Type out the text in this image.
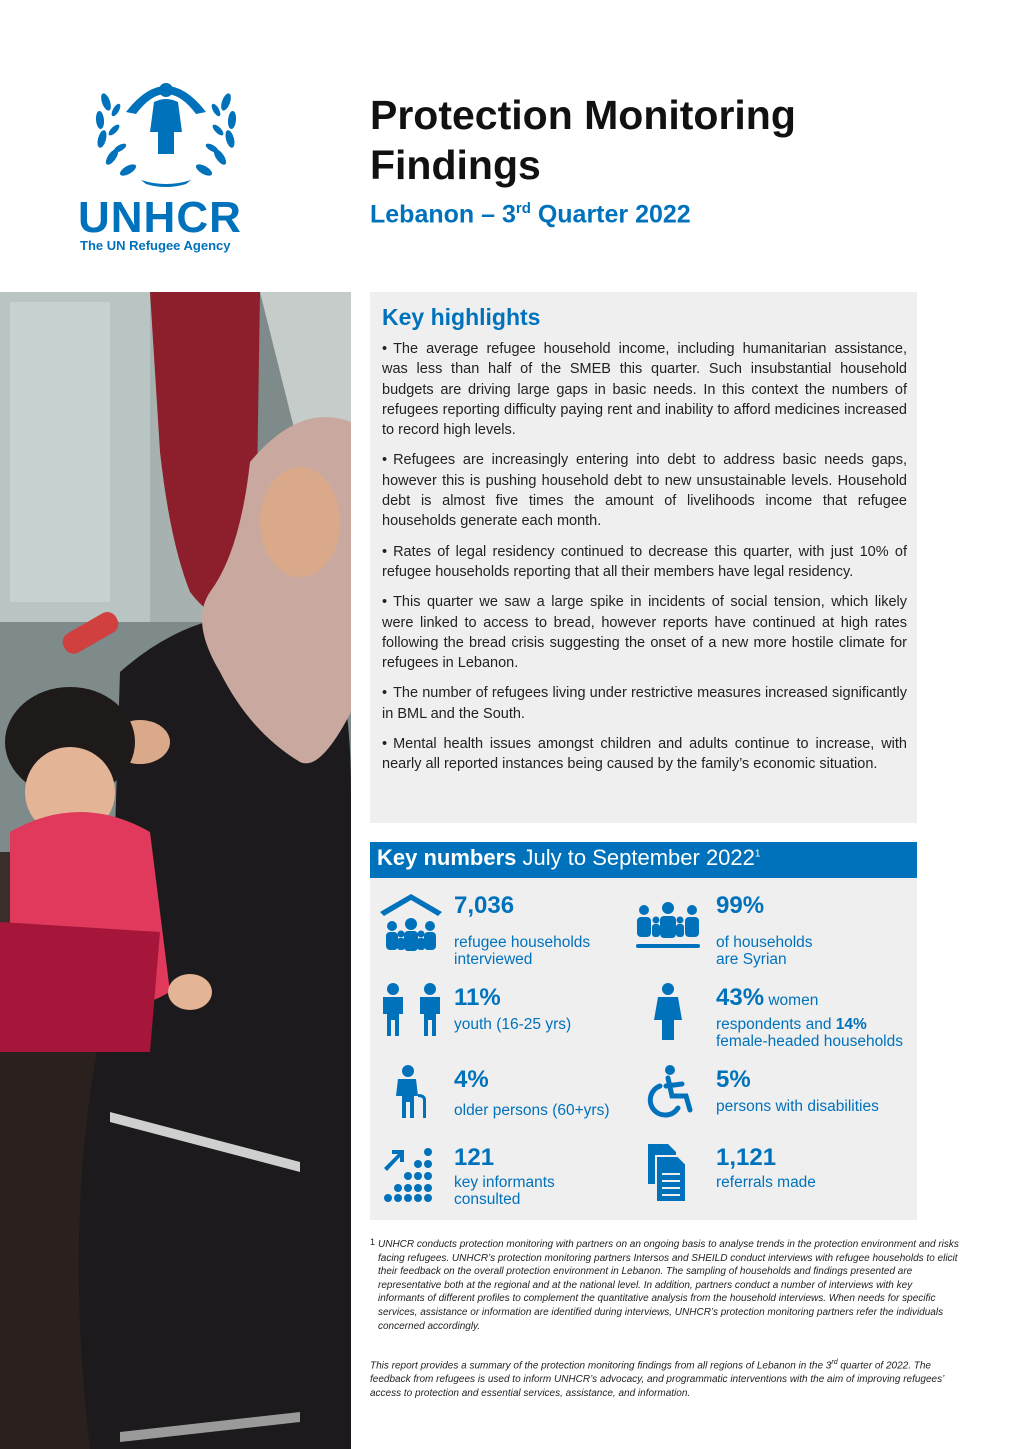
UNHCR
The UN Refugee Agency
Protection Monitoring Findings
Lebanon – 3rd Quarter 2022
Key highlights

• The average refugee household income, including humanitarian assistance, was less than half of the SMEB this quarter. Such insubstantial household budgets are driving large gaps in basic needs. In this context the numbers of refugees reporting difficulty paying rent and inability to afford medicines increased to record high levels.

• Refugees are increasingly entering into debt to address basic needs gaps, however this is pushing household debt to new unsustainable levels. Household debt is almost five times the amount of livelihoods income that refugee households generate each month.

• Rates of legal residency continued to decrease this quarter, with just 10% of refugee households reporting that all their members have legal residency.

• This quarter we saw a large spike in incidents of social tension, which likely were linked to access to bread, however reports have continued at high rates following the bread crisis suggesting the onset of a new more hostile climate for refugees in Lebanon.

• The number of refugees living under restrictive measures increased significantly in BML and the South.

• Mental health issues amongst children and adults continue to increase, with nearly all reported instances being caused by the family’s economic situation.

Key numbers July to September 2022$^1$
7,036
refugee households
interviewed
99%
of households
are Syrian
11%
youth (16-25 yrs)
43% women
respondents and 14%
female-headed households
4%
older persons (60+yrs)
5%
persons with disabilities
121
key informants
consulted
1,121
referrals made
1 UNHCR conducts protection monitoring with partners on an ongoing basis to analyse trends in the protection environment and risks facing refugees. UNHCR’s protection monitoring partners Intersos and SHEILD conduct interviews with refugee households to elicit their feedback on the overall protection environment in Lebanon. The sampling of households and findings presented are representative both at the regional and at the national level. In addition, partners conduct a number of interviews with key informants of different profiles to complement the quantitative analysis from the household interviews. When needs for specific services, assistance or information are identified during interviews, UNHCR’s protection monitoring partners refer the individuals concerned accordingly.
This report provides a summary of the protection monitoring findings from all regions of Lebanon in the 3rd quarter of 2022. The feedback from refugees is used to inform UNHCR’s advocacy, and programmatic interventions with the aim of improving refugees’ access to protection and essential services, assistance, and information.
